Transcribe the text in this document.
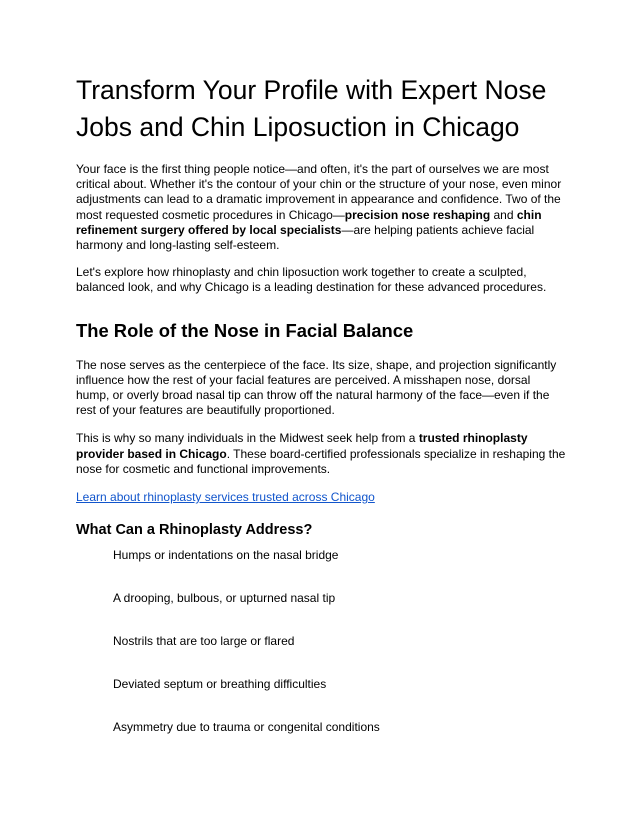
Transform Your Profile with Expert Nose Jobs and Chin Liposuction in Chicago

Your face is the first thing people notice—and often, it's the part of ourselves we are most critical about. Whether it's the contour of your chin or the structure of your nose, even minor adjustments can lead to a dramatic improvement in appearance and confidence. Two of the most requested cosmetic procedures in Chicago—precision nose reshaping and chin refinement surgery offered by local specialists—are helping patients achieve facial harmony and long-lasting self-esteem.

Let's explore how rhinoplasty and chin liposuction work together to create a sculpted, balanced look, and why Chicago is a leading destination for these advanced procedures.

The Role of the Nose in Facial Balance

The nose serves as the centerpiece of the face. Its size, shape, and projection significantly influence how the rest of your facial features are perceived. A misshapen nose, dorsal hump, or overly broad nasal tip can throw off the natural harmony of the face—even if the rest of your features are beautifully proportioned.

This is why so many individuals in the Midwest seek help from a trusted rhinoplasty provider based in Chicago. These board-certified professionals specialize in reshaping the nose for cosmetic and functional improvements.

Learn about rhinoplasty services trusted across Chicago

What Can a Rhinoplasty Address?
Humps or indentations on the nasal bridge
A drooping, bulbous, or upturned nasal tip
Nostrils that are too large or flared
Deviated septum or breathing difficulties
Asymmetry due to trauma or congenital conditions
